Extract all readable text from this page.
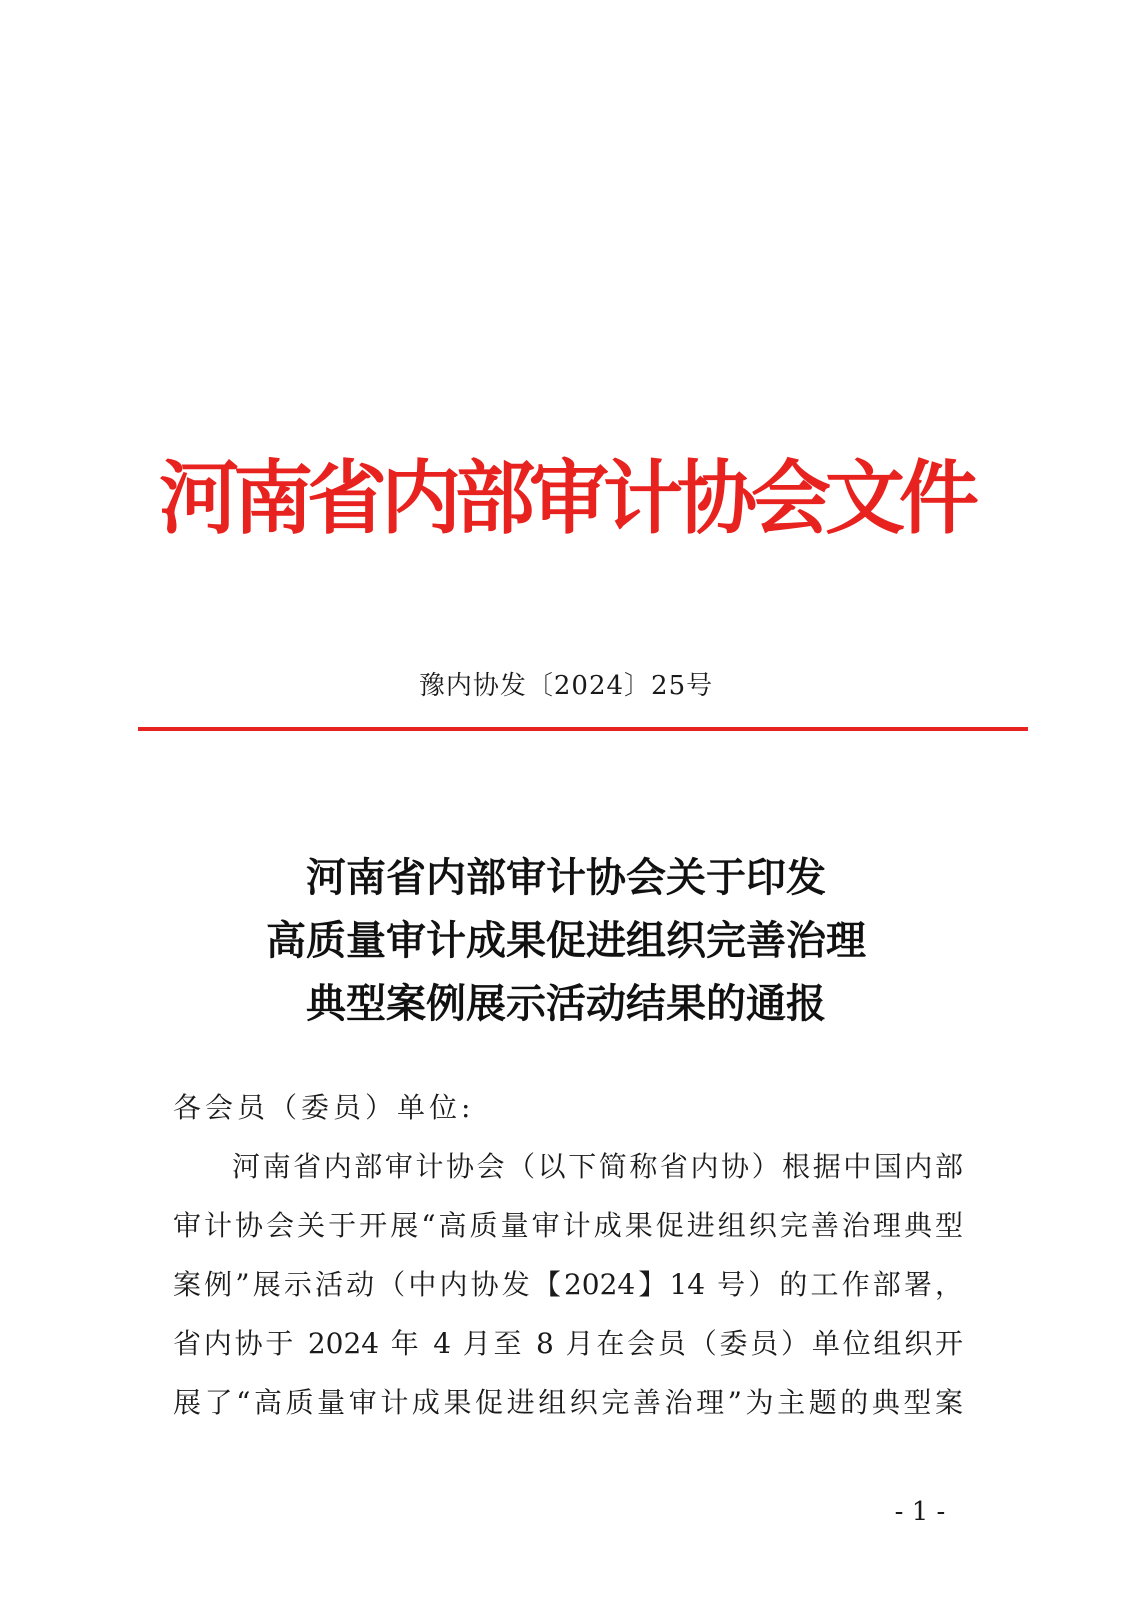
河南省内部审计协会文件
豫内协发〔2024〕25号
河南省内部审计协会关于印发
高质量审计成果促进组织完善治理
典型案例展示活动结果的通报
各会员（委员）单位:
河南省内部审计协会（以下简称省内协）根据中国内部
审计协会关于开展“高质量审计成果促进组织完善治理典型
案例”展示活动（中内协发【2024】14 号）的工作部署，
省内协于 2024 年 4 月至 8 月在会员（委员）单位组织开
展了“高质量审计成果促进组织完善治理”为主题的典型案
- 1 -
